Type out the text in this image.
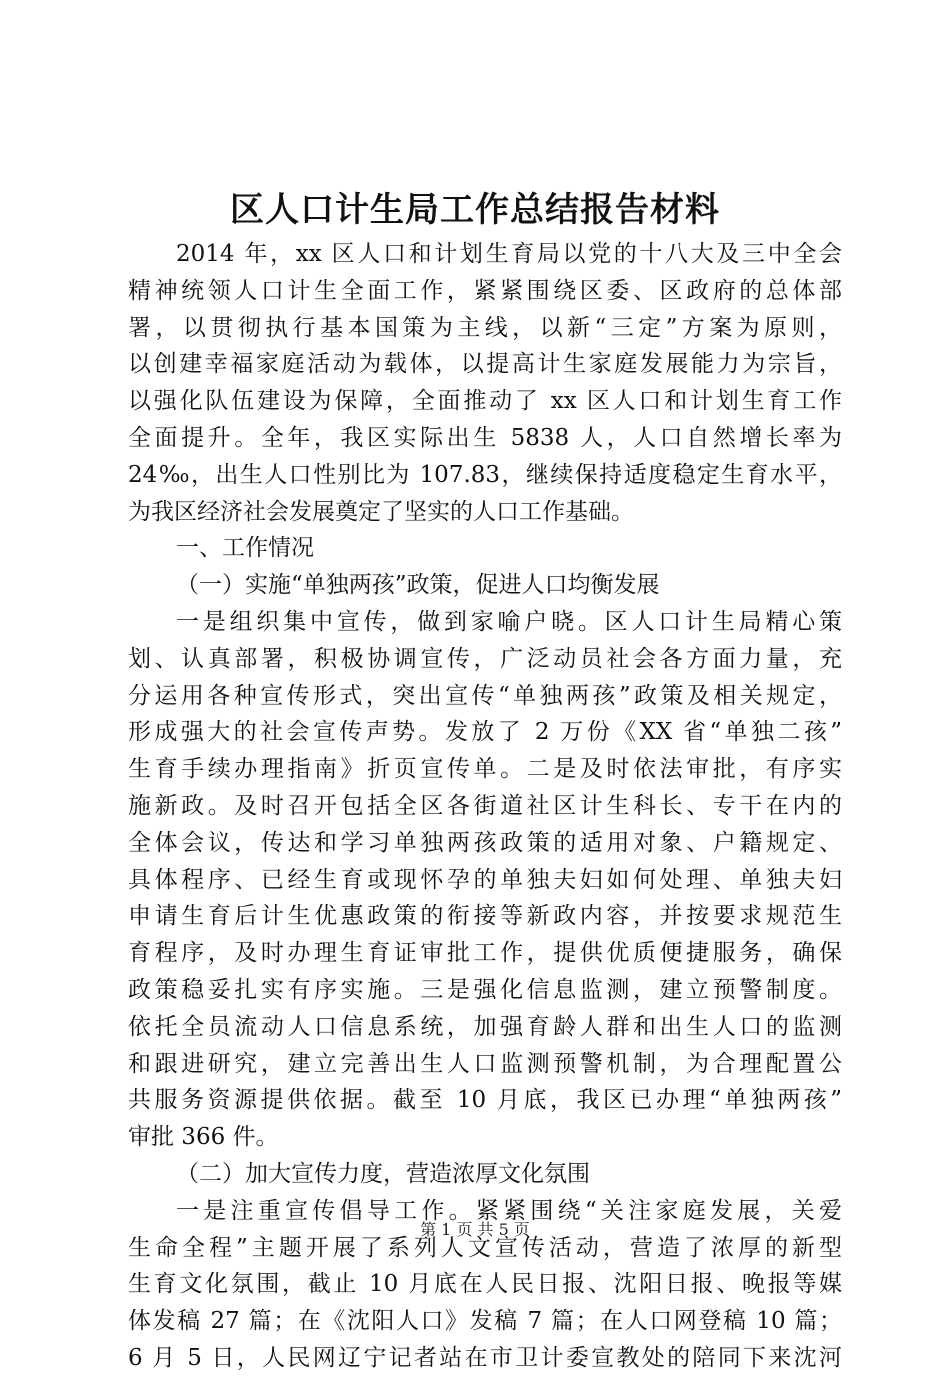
区人口计生局工作总结报告材料
2014 年，xx 区人口和计划生育局以党的十八大及三中全会
精神统领人口计生全面工作，紧紧围绕区委、区政府的总体部
署，以贯彻执行基本国策为主线，以新“三定”方案为原则，
以创建幸福家庭活动为载体，以提高计生家庭发展能力为宗旨，
以强化队伍建设为保障，全面推动了 xx 区人口和计划生育工作
全面提升。全年，我区实际出生 5838 人，人口自然增长率为
24‰，出生人口性别比为 107.83，继续保持适度稳定生育水平，
为我区经济社会发展奠定了坚实的人口工作基础。
一、工作情况
（一）实施“单独两孩”政策，促进人口均衡发展
一是组织集中宣传，做到家喻户晓。区人口计生局精心策
划、认真部署，积极协调宣传，广泛动员社会各方面力量，充
分运用各种宣传形式，突出宣传“单独两孩”政策及相关规定，
形成强大的社会宣传声势。发放了 2 万份《XX 省“单独二孩”
生育手续办理指南》折页宣传单。二是及时依法审批，有序实
施新政。及时召开包括全区各街道社区计生科长、专干在内的
全体会议，传达和学习单独两孩政策的适用对象、户籍规定、
具体程序、已经生育或现怀孕的单独夫妇如何处理、单独夫妇
申请生育后计生优惠政策的衔接等新政内容，并按要求规范生
育程序，及时办理生育证审批工作，提供优质便捷服务，确保
政策稳妥扎实有序实施。三是强化信息监测，建立预警制度。
依托全员流动人口信息系统，加强育龄人群和出生人口的监测
和跟进研究，建立完善出生人口监测预警机制，为合理配置公
共服务资源提供依据。截至 10 月底，我区已办理“单独两孩”
审批 366 件。
（二）加大宣传力度，营造浓厚文化氛围
一是注重宣传倡导工作。紧紧围绕“关注家庭发展，关爱
生命全程”主题开展了系列人文宣传活动，营造了浓厚的新型
生育文化氛围，截止 10 月底在人民日报、沈阳日报、晚报等媒
体发稿 27 篇；在《沈阳人口》发稿 7 篇；在人口网登稿 10 篇；
6 月 5 日，人民网辽宁记者站在市卫计委宣教处的陪同下来沈河
第 1 页 共 5 页
